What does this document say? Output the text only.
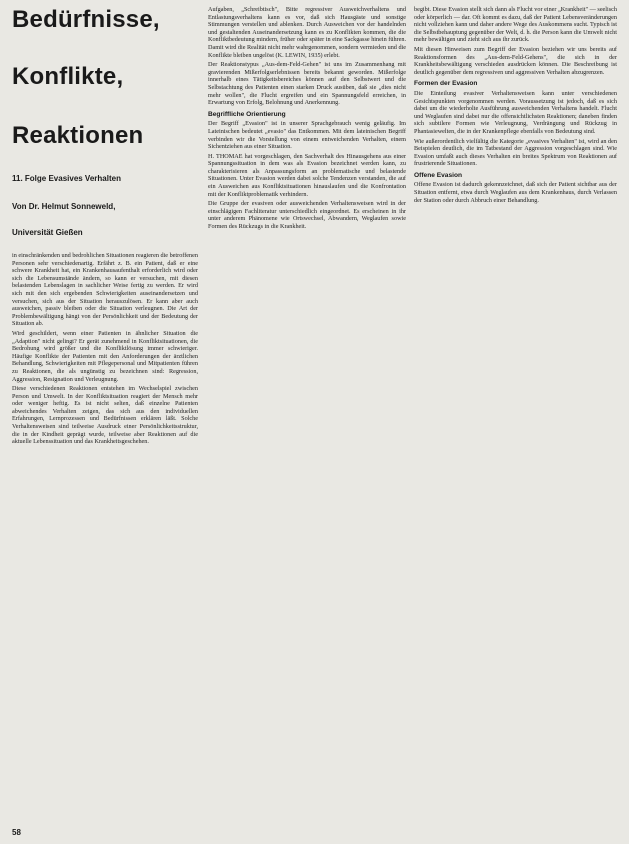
Bedürfnisse,
Konflikte,
Reaktionen
11. Folge Evasives Verhalten
Von Dr. Helmut Sonneweld,
Universität Gießen

in einschränkenden und bedrohlichen Situationen reagieren die betroffenen Personen sehr verschiedenartig. Erfährt z. B. ein Patient, daß er eine schwere Krankheit hat, ein Krankenhausaufenthalt erforderlich wird oder sich die Lebensumstände ändern, so kann er versuchen, mit diesen belastenden Lebenslagen in sachlicher Weise fertig zu werden. Er wird sich mit den sich ergebenden Schwierigkeiten auseinandersetzen und versuchen, sich aus der Situation herauszulösen. Er kann aber auch ausweichen, passiv bleiben oder die Situation verleugnen. Die Art der Problembewältigung hängt von der Persönlichkeit und der Bedeutung der Situation ab.

Wird geschildert, wenn einer Patienten in ähnlicher Situation die „Adaption" nicht gelingt? Er gerät zunehmend in Konfliktsituationen, die Bedrohung wird größer und die Konfliktlösung immer schwieriger. Häufige Konflikte der Patienten mit den Anforderungen der ärztlichen Behandlung, Schwierigkeiten mit Pflegepersonal und Mitpatienten führen zu Reaktionen, die als ungünstig zu bezeichnen sind: Regression, Aggression, Resignation und Verleugnung.

Diese verschiedenen Reaktionen entstehen im Wechselspiel zwischen Person und Umwelt. In der Konfliktsituation reagiert der Mensch mehr oder weniger heftig. Es ist nicht selten, daß einzelne Patienten abweichendes Verhalten zeigen, das sich aus den individuellen Erfahrungen, Lernprozessen und Bedürfnissen erklären läßt. Solche Verhaltensweisen sind teilweise Ausdruck einer Persönlichkeitsstruktur, die in der Kindheit geprägt wurde, teilweise aber Reaktionen auf die aktuelle Lebenssituation und das Krankheitsgeschehen.

Aufgaben, „Schreibtisch", Bitte regressiver Ausweichverhaltens und Entlastungsverhaltens kann es vor, daß sich Hausgäste und sonstige Stimmungen verstellen und ablenken. Durch Ausweichen vor der handelnden und gestaltenden Auseinandersetzung kann es zu Konflikten kommen, die die Konfliktbedeutung mindern, früher oder später in eine Sackgasse hinein führen. Damit wird die Realität nicht mehr wahrgenommen, sondern vermieden und die Konflikte bleiben ungelöst (K. LEWIN, 1935) erlebt.

Der Reaktionstypus „Aus-dem-Feld-Gehen" ist uns im Zusammenhang mit gravierenden Mißerfolgserlebnissen bereits bekannt geworden. Mißerfolge innerhalb eines Tätigkeitsbereiches können auf den Selbstwert und die Selbstachtung des Patienten einen starken Druck ausüben, daß sie „dies nicht mehr wollen", die Flucht ergreifen und ein Spannungsfeld erreichen, in Erwartung von Erfolg, Belohnung und Anerkennung.

Begriffliche Orientierung

Der Begriff „Evasion" ist in unserer Sprachgebrauch wenig geläufig. Im Lateinischen bedeutet „evasio" das Entkommen. Mit dem lateinischen Begriff verbinden wir die Vorstellung von einem entweichenden Verhalten, einem Sichentziehen aus einer Situation.

H. THOMAE hat vorgeschlagen, den Sachverhalt des Hinausgehens aus einer Spannungssituation in dem was als Evasion bezeichnet werden kann, zu charakterisieren als Anpassungsform an problematische und belastende Situationen. Unter Evasion werden dabei solche Tendenzen verstanden, die auf ein Ausweichen aus Konfliktsituationen hinauslaufen und die Konfrontation mit der Konfliktproblematik verhindern.

Die Gruppe der evasiven oder ausweichenden Verhaltensweisen wird in der einschlägigen Fachliteratur unterschiedlich eingeordnet. Es erscheinen in ihr unter anderem Phänomene wie Ortswechsel, Abwandern, Weglaufen sowie Formen des Rückzugs in die Krankheit.

begibt. Diese Evasion stellt sich dann als Flucht vor einer „Krankheit" — seelisch oder körperlich — dar. Oft kommt es dazu, daß der Patient Lebensveränderungen nicht vollziehen kann und daher andere Wege des Auskommens sucht. Typisch ist die Selbstbehauptung gegenüber der Welt, d. h. die Person kann die Umwelt nicht mehr bewältigen und zieht sich aus ihr zurück.

Mit diesen Hinweisen zum Begriff der Evasion beziehen wir uns bereits auf Reaktionsformen des „Aus-dem-Feld-Gehens", die sich in der Krankheitsbewältigung verschieden ausdrücken können. Die Beschreibung ist deutlich gegenüber dem regressiven und aggressiven Verhalten abzugrenzen.

Formen der Evasion

Die Einteilung evasiver Verhaltensweisen kann unter verschiedenen Gesichtspunkten vorgenommen werden. Voraussetzung ist jedoch, daß es sich dabei um die wiederholte Ausführung ausweichenden Verhaltens handelt. Flucht und Weglaufen sind dabei nur die offensichtlichsten Reaktionen; daneben finden sich subtilere Formen wie Verleugnung, Verdrängung und Rückzug in Phantasiewelten, die in der Krankenpflege ebenfalls von Bedeutung sind.

Wie außerordentlich vielfältig die Kategorie „evasives Verhalten" ist, wird an den Beispielen deutlich, die im Tatbestand der Aggression vorgeschlagen sind. Wie Evasion umfaßt auch dieses Verhalten ein breites Spektrum von Reaktionen auf frustrierende Situationen.

Offene Evasion

Offene Evasion ist dadurch gekennzeichnet, daß sich der Patient sichtbar aus der Situation entfernt, etwa durch Weglaufen aus dem Krankenhaus, durch Verlassen der Station oder durch Abbruch einer Behandlung.

58
